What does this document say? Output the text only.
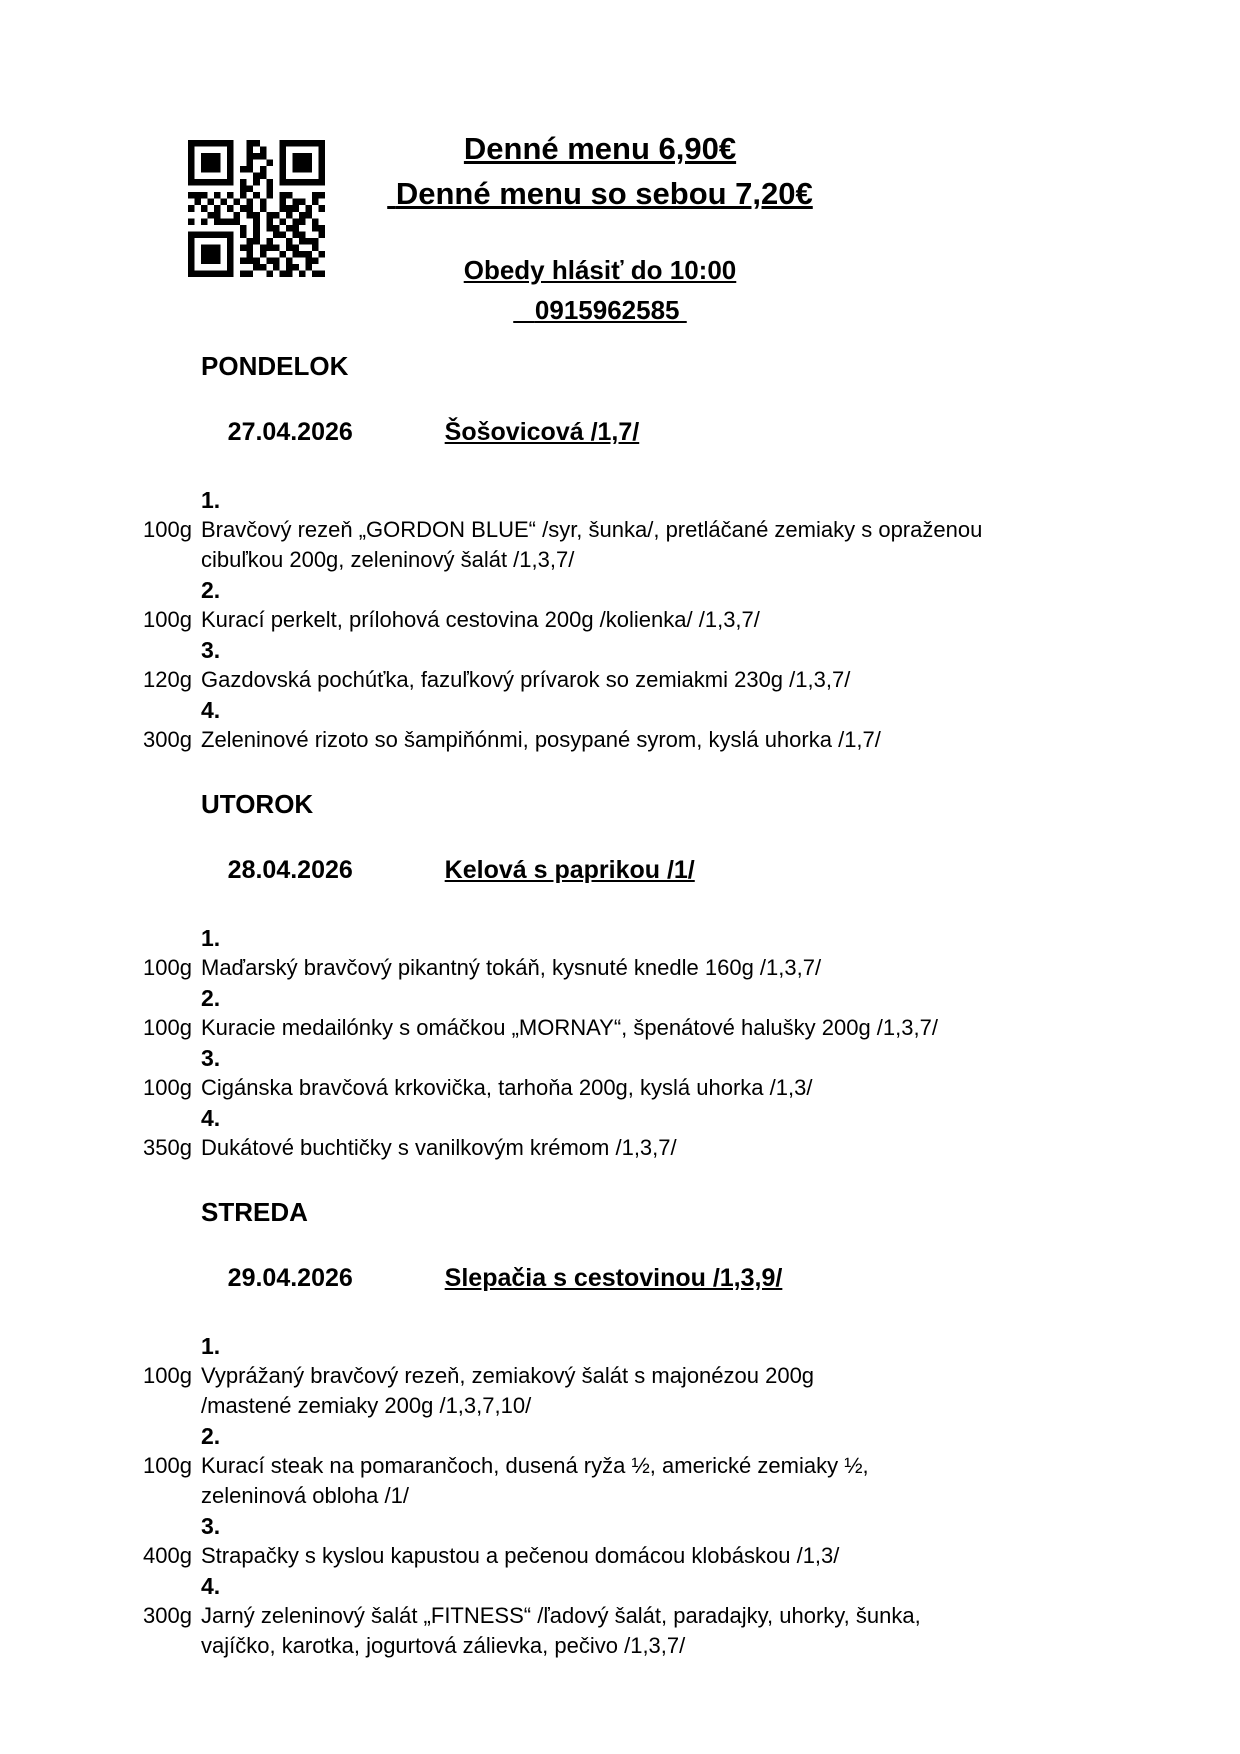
Denné menu 6,90€
Denné menu so sebou 7,20€
Obedy hlásiť do 10:00
0915962585
PONDELOK

27.04.2026	Šošovicová /1,7/

1.
100g Bravčový rezeň „GORDON BLUE“ /syr, šunka/, pretláčané zemiaky s opraženou
cibuľkou 200g, zeleninový šalát /1,3,7/
2.
100g Kurací perkelt, prílohová cestovina 200g /kolienka/ /1,3,7/
3.
120g Gazdovská pochúťka, fazuľkový prívarok so zemiakmi 230g /1,3,7/
4.
300g Zeleninové rizoto so šampiňónmi, posypané syrom, kyslá uhorka /1,7/
UTOROK

28.04.2026	Kelová s paprikou /1/

1.
100g Maďarský bravčový pikantný tokáň, kysnuté knedle 160g /1,3,7/
2.
100g Kuracie medailónky s omáčkou „MORNAY“, špenátové halušky 200g /1,3,7/
3.
100g Cigánska bravčová krkovička, tarhoňa 200g, kyslá uhorka /1,3/
4.
350g Dukátové buchtičky s vanilkovým krémom /1,3,7/
STREDA

29.04.2026	Slepačia s cestovinou /1,3,9/

1.
100g Vyprážaný bravčový rezeň, zemiakový šalát s majonézou 200g
/mastené zemiaky 200g /1,3,7,10/
2.
100g Kurací steak na pomarančoch, dusená ryža ½, americké zemiaky ½,
zeleninová obloha /1/
3.
400g Strapačky s kyslou kapustou a pečenou domácou klobáskou /1,3/
4.
300g Jarný zeleninový šalát „FITNESS“ /ľadový šalát, paradajky, uhorky, šunka,
vajíčko, karotka, jogurtová zálievka, pečivo /1,3,7/
